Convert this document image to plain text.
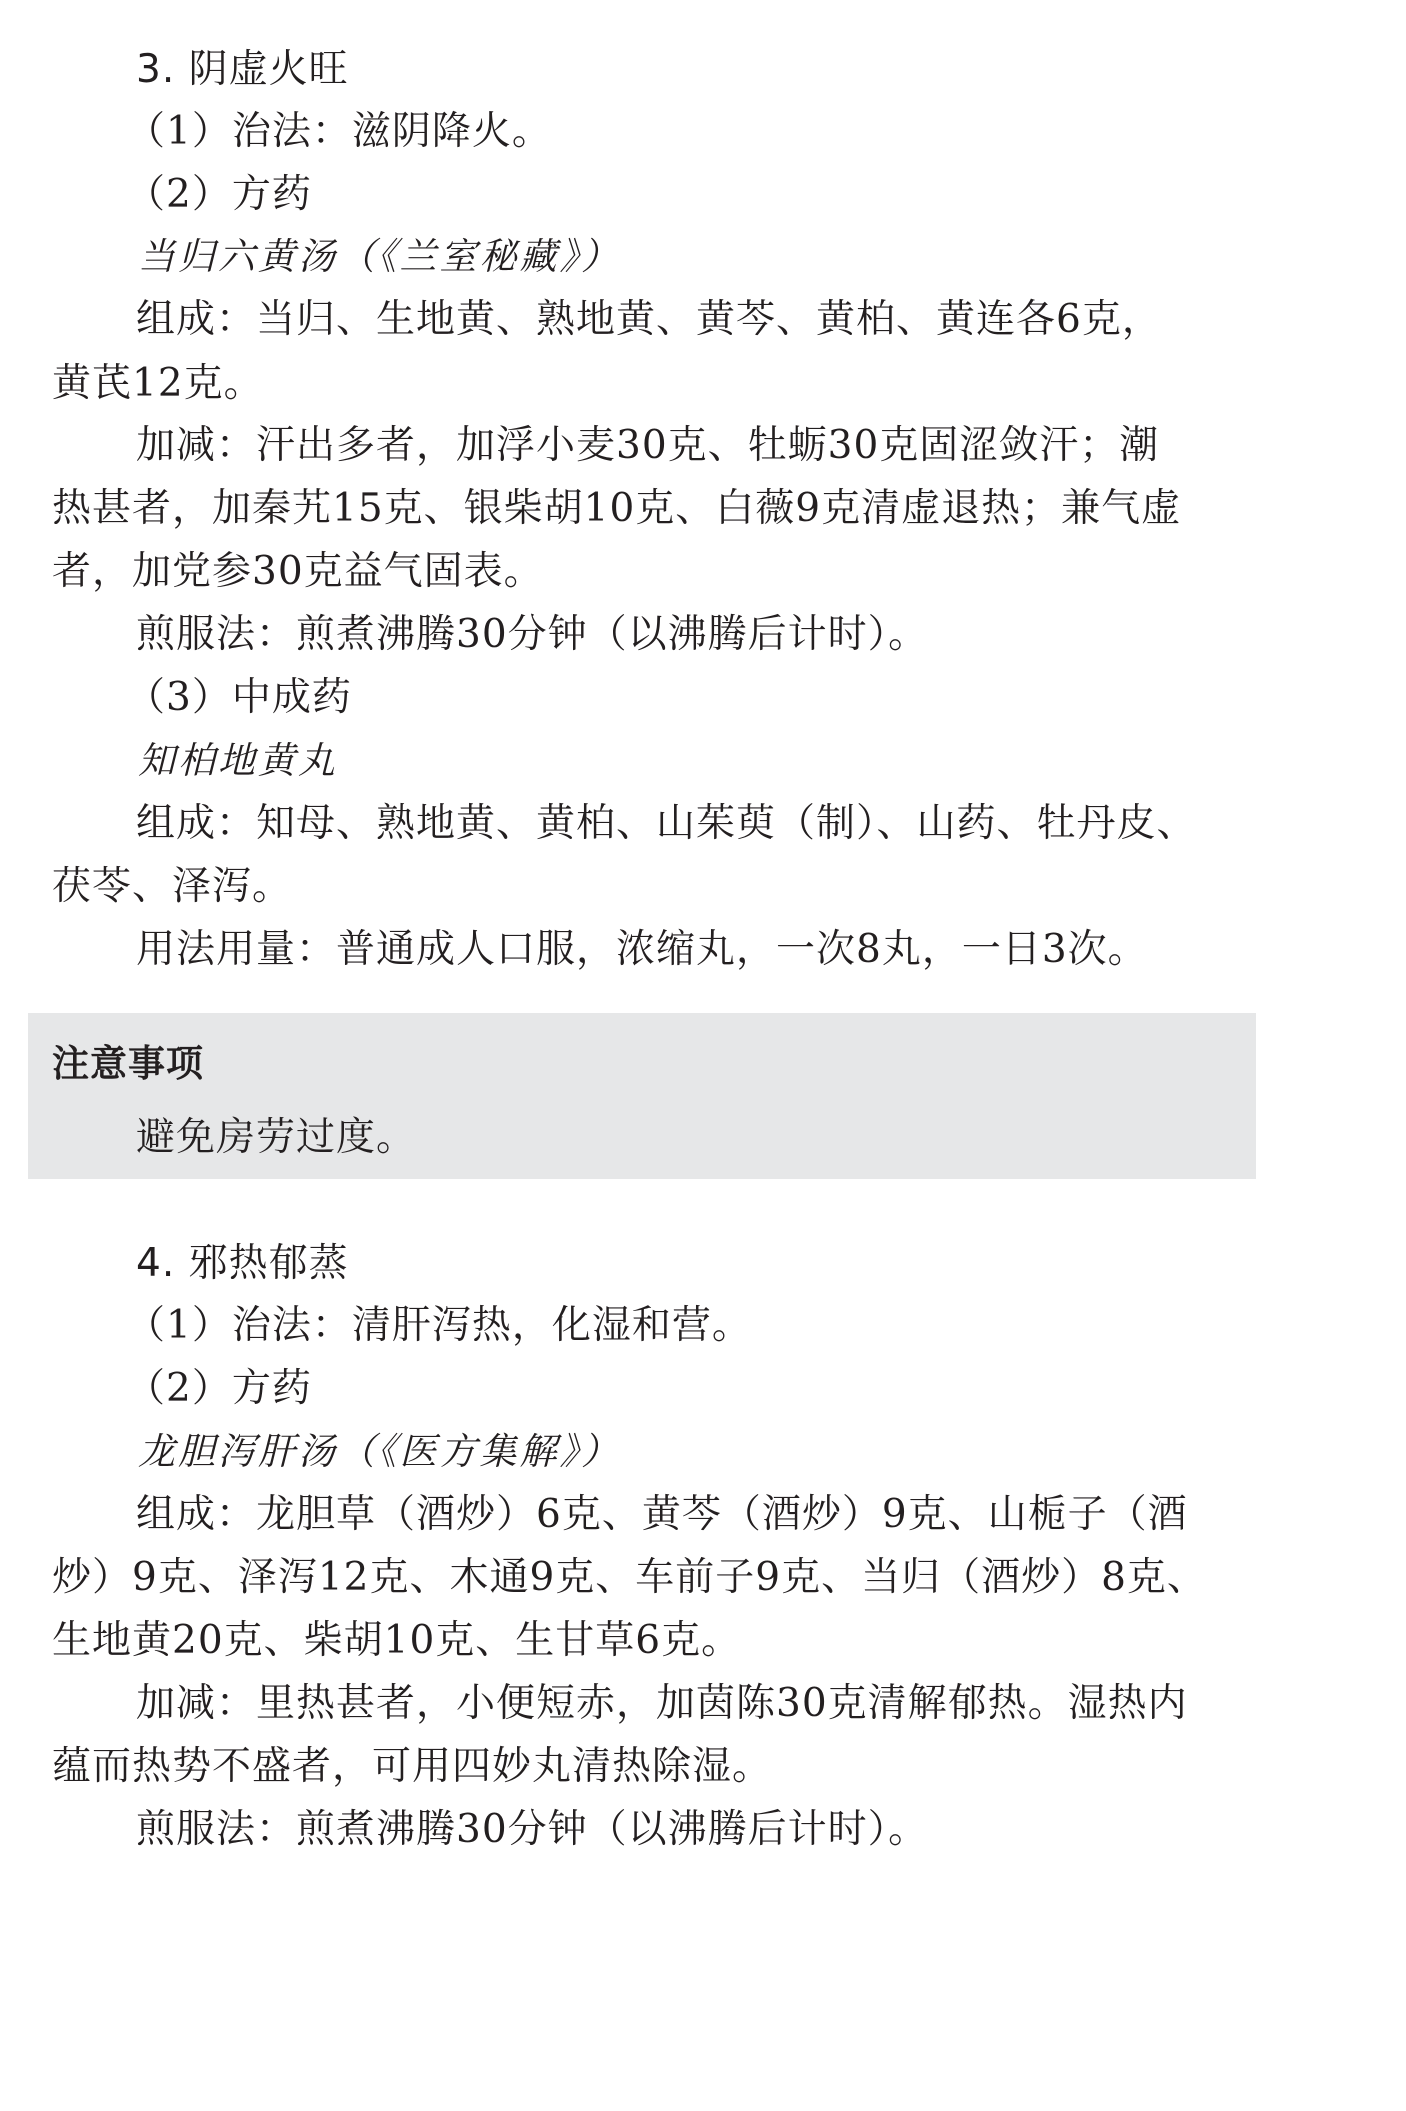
3. 阴虚火旺
（1）治法：滋阴降火。
（2）方药
当归六黄汤（《兰室秘藏》）
组成：当归、生地黄、熟地黄、黄芩、黄柏、黄连各6克，
黄芪12克。
加减：汗出多者，加浮小麦30克、牡蛎30克固涩敛汗；潮
热甚者，加秦艽15克、银柴胡10克、白薇9克清虚退热；兼气虚
者，加党参30克益气固表。
煎服法：煎煮沸腾30分钟（以沸腾后计时）。
（3）中成药
知柏地黄丸
组成：知母、熟地黄、黄柏、山茱萸（制）、山药、牡丹皮、
茯苓、泽泻。
用法用量：普通成人口服，浓缩丸，一次8丸，一日3次。
注意事项
避免房劳过度。
4. 邪热郁蒸
（1）治法：清肝泻热，化湿和营。
（2）方药
龙胆泻肝汤（《医方集解》）
组成：龙胆草（酒炒）6克、黄芩（酒炒）9克、山栀子（酒
炒）9克、泽泻12克、木通9克、车前子9克、当归（酒炒）8克、
生地黄20克、柴胡10克、生甘草6克。
加减：里热甚者，小便短赤，加茵陈30克清解郁热。湿热内
蕴而热势不盛者，可用四妙丸清热除湿。
煎服法：煎煮沸腾30分钟（以沸腾后计时）。
